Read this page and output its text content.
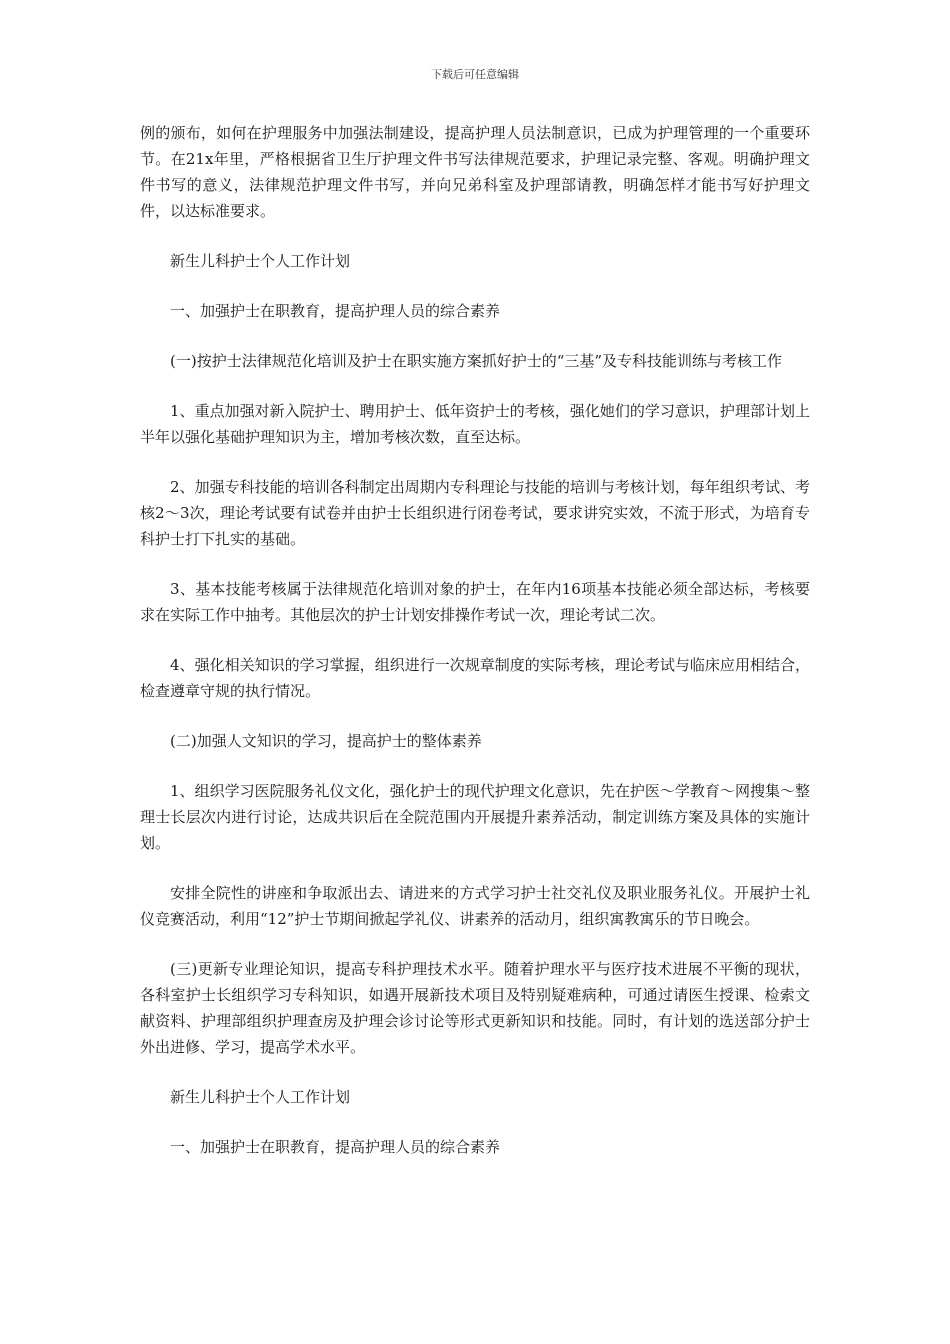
下载后可任意编辑

例的颁布，如何在护理服务中加强法制建设，提高护理人员法制意识，已成为护理管理的一个重要环节。在21x年里，严格根据省卫生厅护理文件书写法律规范要求，护理记录完整、客观。明确护理文件书写的意义，法律规范护理文件书写，并向兄弟科室及护理部请教，明确怎样才能书写好护理文件，以达标准要求。

新生儿科护士个人工作计划

一、加强护士在职教育，提高护理人员的综合素养

(一)按护士法律规范化培训及护士在职实施方案抓好护士的“三基”及专科技能训练与考核工作

1、重点加强对新入院护士、聘用护士、低年资护士的考核，强化她们的学习意识，护理部计划上半年以强化基础护理知识为主，增加考核次数，直至达标。

2、加强专科技能的培训各科制定出周期内专科理论与技能的培训与考核计划，每年组织考试、考核2～3次，理论考试要有试卷并由护士长组织进行闭卷考试，要求讲究实效，不流于形式，为培育专科护士打下扎实的基础。

3、基本技能考核属于法律规范化培训对象的护士，在年内16项基本技能必须全部达标，考核要求在实际工作中抽考。其他层次的护士计划安排操作考试一次，理论考试二次。

4、强化相关知识的学习掌握，组织进行一次规章制度的实际考核，理论考试与临床应用相结合，检查遵章守规的执行情况。

(二)加强人文知识的学习，提高护士的整体素养

1、组织学习医院服务礼仪文化，强化护士的现代护理文化意识，先在护医～学教育～网搜集～整理士长层次内进行讨论，达成共识后在全院范围内开展提升素养活动，制定训练方案及具体的实施计划。

安排全院性的讲座和争取派出去、请进来的方式学习护士社交礼仪及职业服务礼仪。开展护士礼仪竞赛活动，利用“12”护士节期间掀起学礼仪、讲素养的活动月，组织寓教寓乐的节日晚会。

(三)更新专业理论知识，提高专科护理技术水平。随着护理水平与医疗技术进展不平衡的现状，各科室护士长组织学习专科知识，如遇开展新技术项目及特别疑难病种，可通过请医生授课、检索文献资料、护理部组织护理查房及护理会诊讨论等形式更新知识和技能。同时，有计划的选送部分护士外出进修、学习，提高学术水平。

新生儿科护士个人工作计划

一、加强护士在职教育，提高护理人员的综合素养
